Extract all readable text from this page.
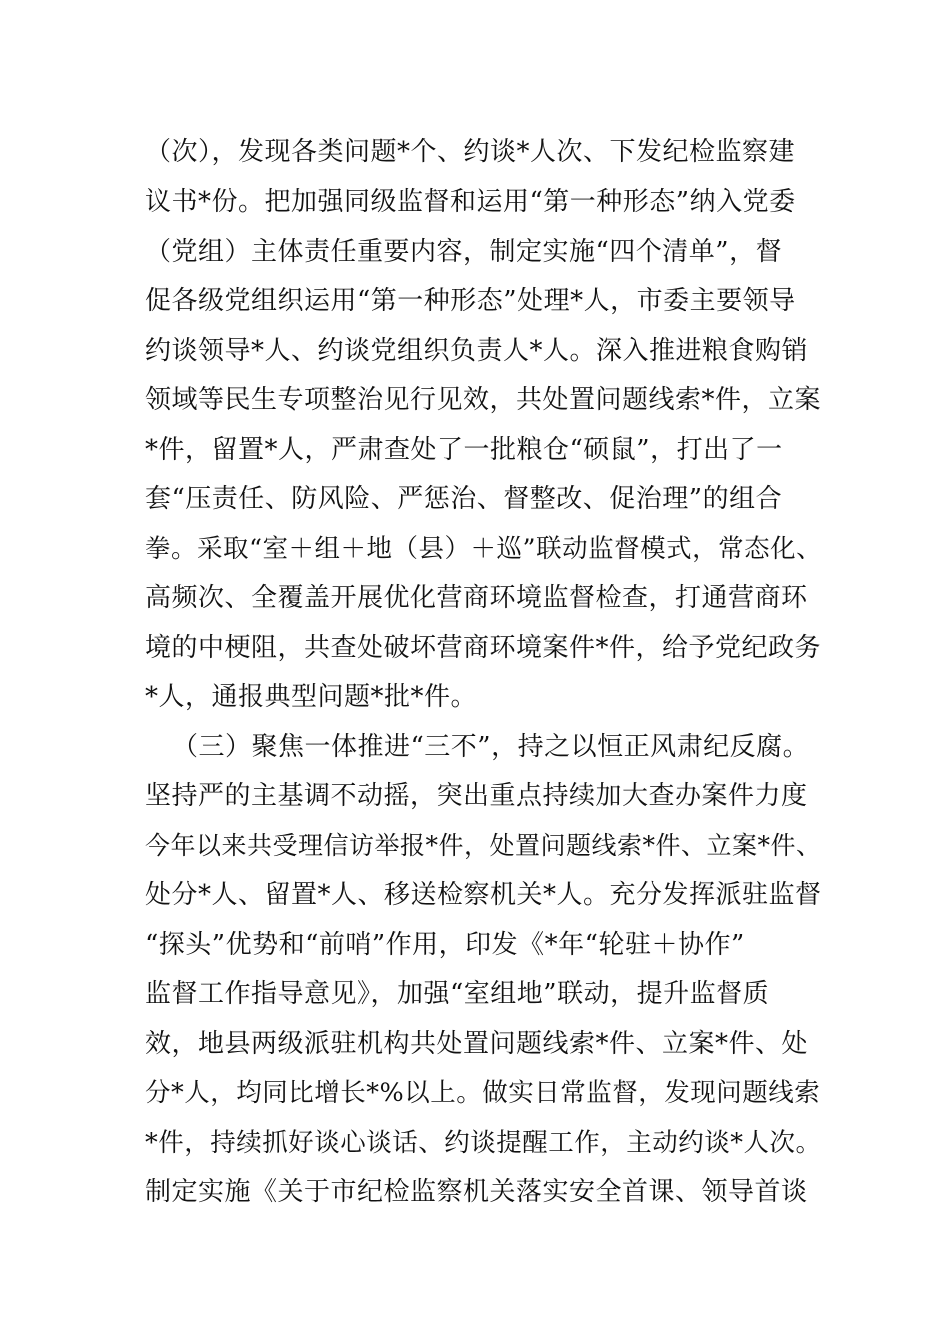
（次），发现各类问题*个、约谈*人次、下发纪检监察建
议书*份。把加强同级监督和运用“第一种形态”纳入党委
（党组）主体责任重要内容，制定实施“四个清单”，督
促各级党组织运用“第一种形态”处理*人，市委主要领导
约谈领导*人、约谈党组织负责人*人。深入推进粮食购销
领域等民生专项整治见行见效，共处置问题线索*件，立案
*件，留置*人，严肃查处了一批粮仓“硕鼠”，打出了一
套“压责任、防风险、严惩治、督整改、促治理”的组合
拳。采取“室＋组＋地（县）＋巡”联动监督模式，常态化、
高频次、全覆盖开展优化营商环境监督检查，打通营商环
境的中梗阻，共查处破坏营商环境案件*件，给予党纪政务
*人，通报典型问题*批*件。
（三）聚焦一体推进“三不”，持之以恒正风肃纪反腐。
坚持严的主基调不动摇，突出重点持续加大查办案件力度
今年以来共受理信访举报*件，处置问题线索*件、立案*件、
处分*人、留置*人、移送检察机关*人。充分发挥派驻监督
“探头”优势和“前哨”作用，印发《*年“轮驻＋协作”
监督工作指导意见》，加强“室组地”联动，提升监督质
效，地县两级派驻机构共处置问题线索*件、立案*件、处
分*人，均同比增长*%以上。做实日常监督，发现问题线索
*件，持续抓好谈心谈话、约谈提醒工作，主动约谈*人次。
制定实施《关于市纪检监察机关落实安全首课、领导首谈
